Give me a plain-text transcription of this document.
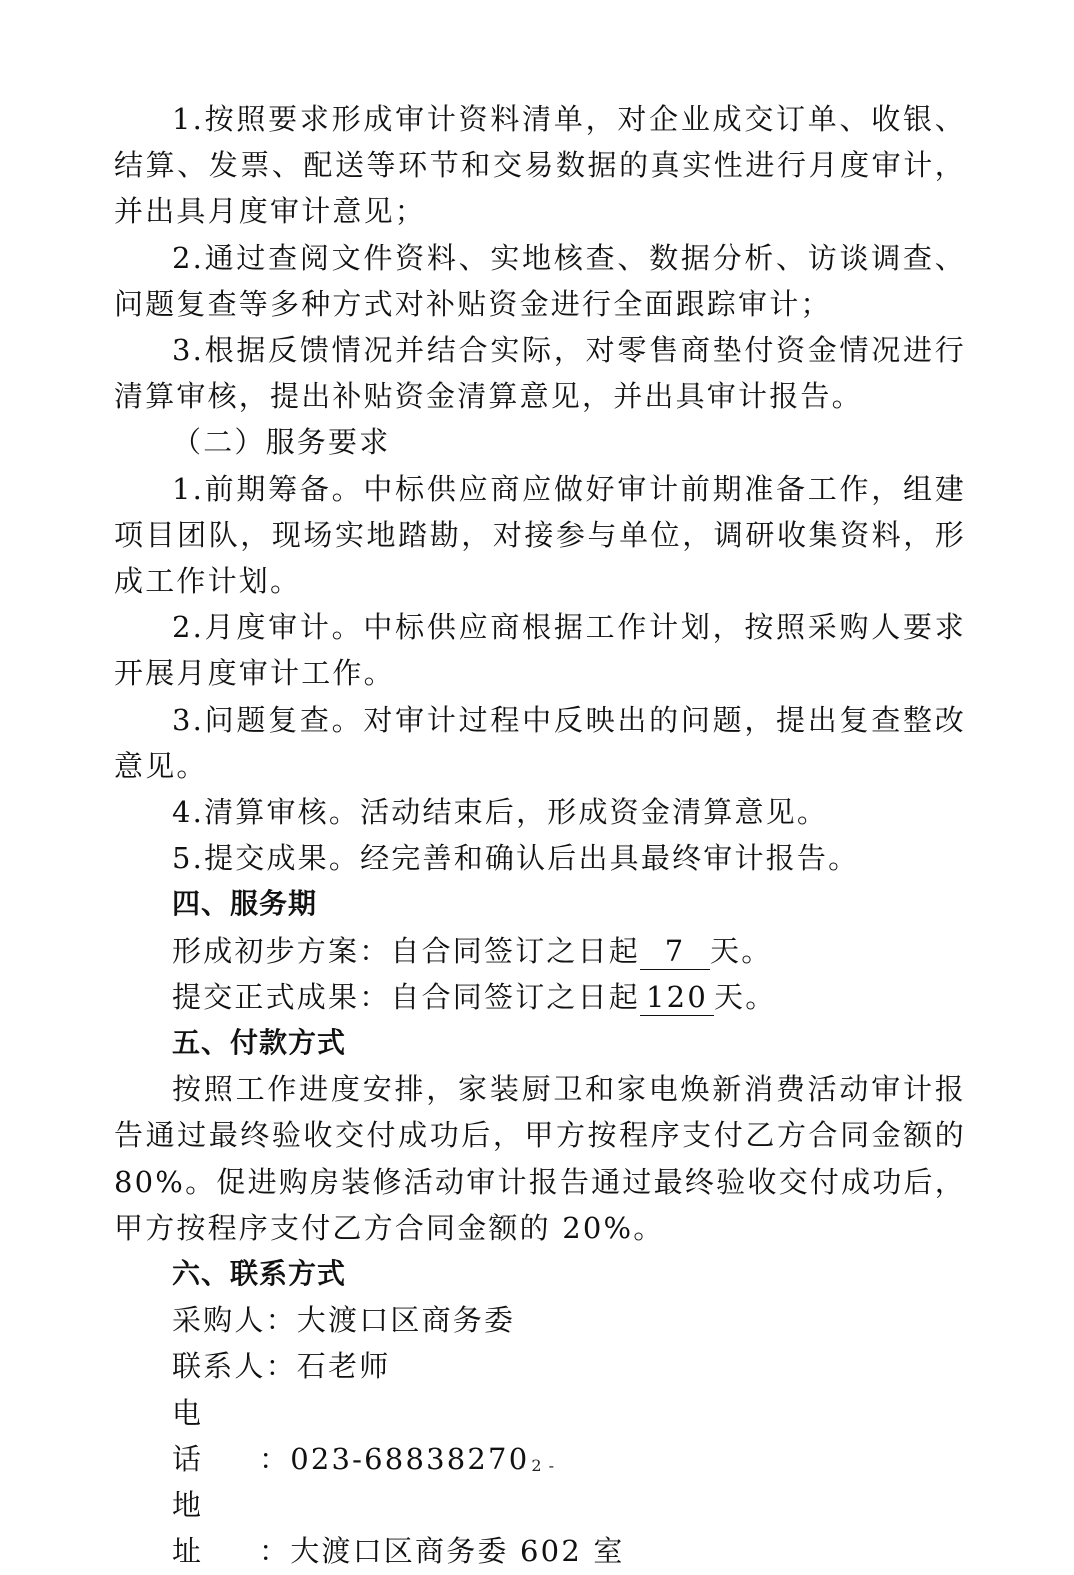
1.按照要求形成审计资料清单，对企业成交订单、收银、结算、发票、配送等环节和交易数据的真实性进行月度审计，并出具月度审计意见；

2.通过查阅文件资料、实地核查、数据分析、访谈调查、问题复查等多种方式对补贴资金进行全面跟踪审计；

3.根据反馈情况并结合实际，对零售商垫付资金情况进行清算审核，提出补贴资金清算意见，并出具审计报告。

（二）服务要求

1.前期筹备。中标供应商应做好审计前期准备工作，组建项目团队，现场实地踏勘，对接参与单位，调研收集资料，形成工作计划。

2.月度审计。中标供应商根据工作计划，按照采购人要求开展月度审计工作。

3.问题复查。对审计过程中反映出的问题，提出复查整改意见。

4.清算审核。活动结束后，形成资金清算意见。

5.提交成果。经完善和确认后出具最终审计报告。

四、服务期

形成初步方案：自合同签订之日起 7 天。

提交正式成果：自合同签订之日起 120 天。

五、付款方式

按照工作进度安排，家装厨卫和家电焕新消费活动审计报告通过最终验收交付成功后，甲方按程序支付乙方合同金额的 80%。促进购房装修活动审计报告通过最终验收交付成功后，甲方按程序支付乙方合同金额的 20%。

六、联系方式

采购人：大渡口区商务委

联系人：石老师

电　话 ：023-68838270

地　址 ：大渡口区商务委 602 室

- 2 -
